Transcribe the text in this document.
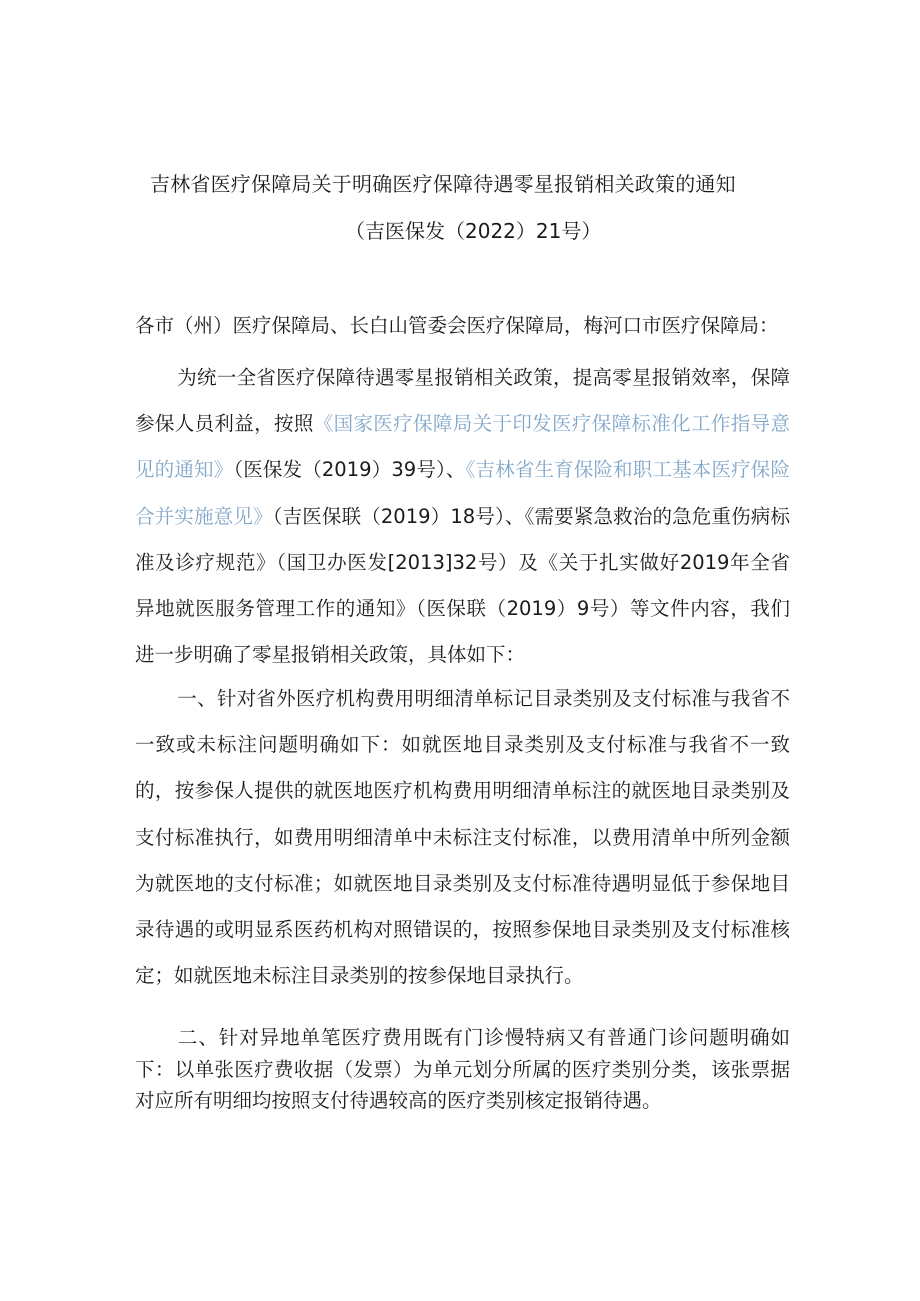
吉林省医疗保障局关于明确医疗保障待遇零星报销相关政策的通知
（吉医保发（2022）21号）
各市（州）医疗保障局、长白山管委会医疗保障局，梅河口市医疗保障局：
为统一全省医疗保障待遇零星报销相关政策，提高零星报销效率，保障参保人员利益，按照《国家医疗保障局关于印发医疗保障标准化工作指导意见的通知》（医保发（2019）39号）、《吉林省生育保险和职工基本医疗保险合并实施意见》（吉医保联（2019）18号）、《需要紧急救治的急危重伤病标准及诊疗规范》（国卫办医发[2013]32号）及《关于扎实做好2019年全省异地就医服务管理工作的通知》（医保联（2019）9号）等文件内容，我们进一步明确了零星报销相关政策，具体如下：
一、针对省外医疗机构费用明细清单标记目录类别及支付标准与我省不一致或未标注问题明确如下：如就医地目录类别及支付标准与我省不一致的，按参保人提供的就医地医疗机构费用明细清单标注的就医地目录类别及支付标准执行，如费用明细清单中未标注支付标准，以费用清单中所列金额为就医地的支付标准；如就医地目录类别及支付标准待遇明显低于参保地目录待遇的或明显系医药机构对照错误的，按照参保地目录类别及支付标准核定；如就医地未标注目录类别的按参保地目录执行。
二、针对异地单笔医疗费用既有门诊慢特病又有普通门诊问题明确如下：以单张医疗费收据（发票）为单元划分所属的医疗类别分类，该张票据对应所有明细均按照支付待遇较高的医疗类别核定报销待遇。
